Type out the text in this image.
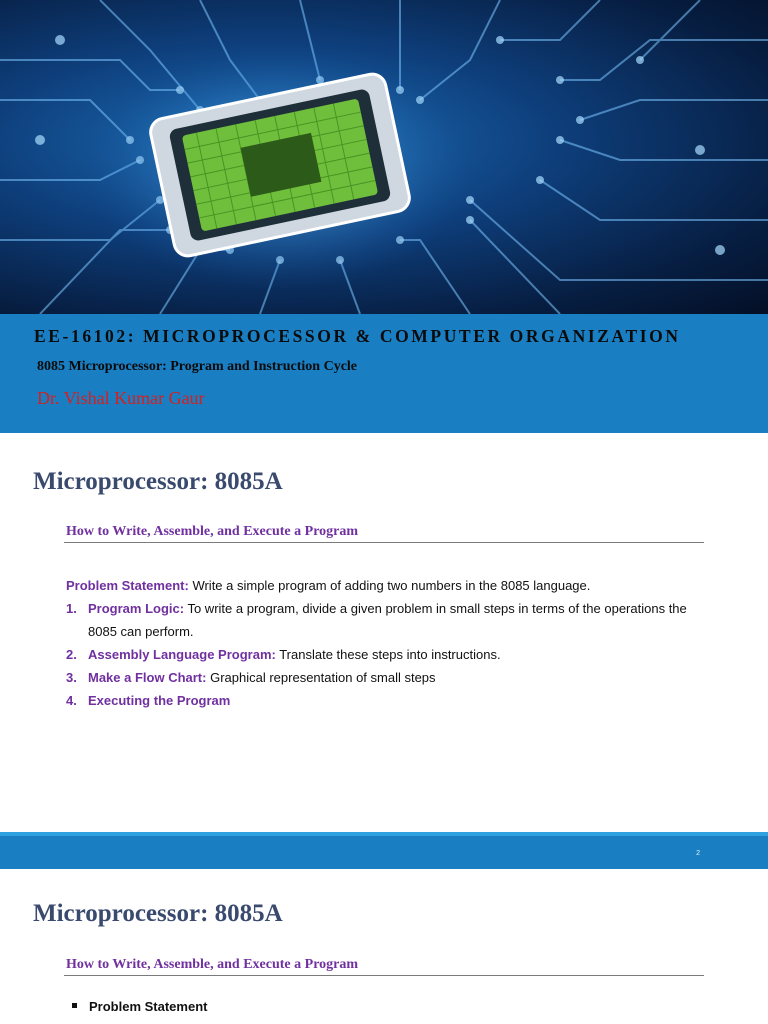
EE-16102: MICROPROCESSOR & COMPUTER ORGANIZATION
8085 Microprocessor: Program and Instruction Cycle
Dr. Vishal Kumar Gaur
Microprocessor: 8085A
How to Write, Assemble, and Execute a Program
Problem Statement: Write a simple program of adding two numbers in the 8085 language.
1. Program Logic: To write a program, divide a given problem in small steps in terms of the operations the 8085 can perform.
2. Assembly Language Program: Translate these steps into instructions.
3. Make a Flow Chart: Graphical representation of small steps
4. Executing the Program
2
Microprocessor: 8085A
How to Write, Assemble, and Execute a Program
Problem Statement
